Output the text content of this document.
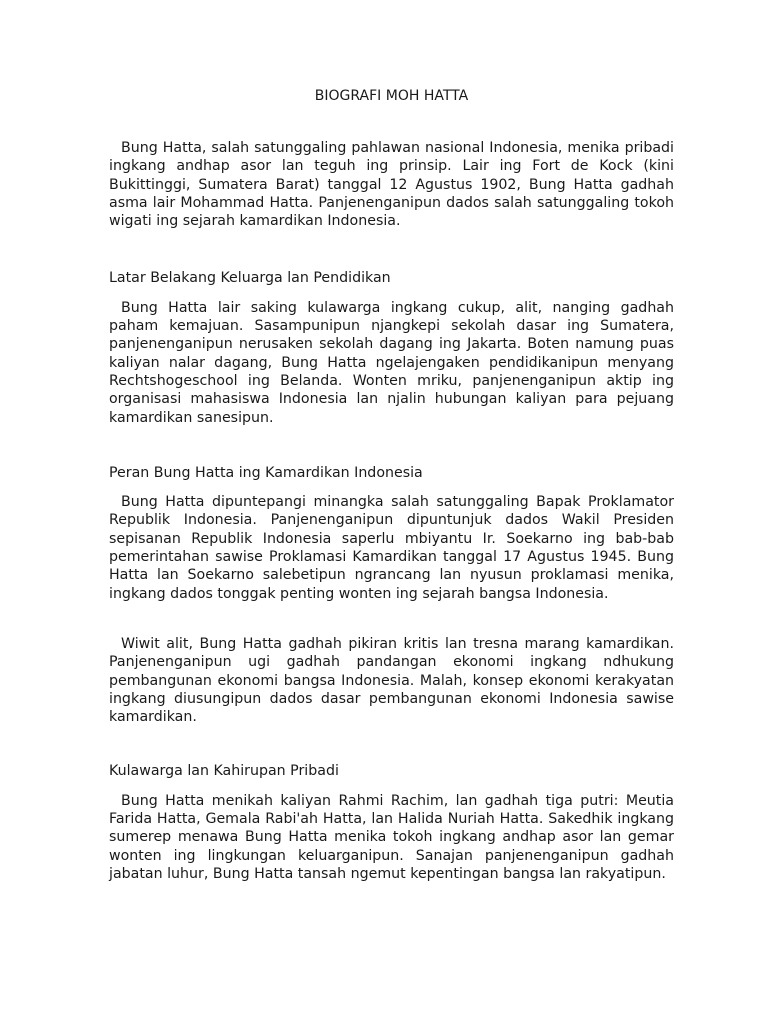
BIOGRAFI MOH HATTA

Bung Hatta, salah satunggaling pahlawan nasional Indonesia, menika pribadi ingkang andhap asor lan teguh ing prinsip. Lair ing Fort de Kock (kini Bukittinggi, Sumatera Barat) tanggal 12 Agustus 1902, Bung Hatta gadhah asma lair Mohammad Hatta. Panjenenganipun dados salah satunggaling tokoh wigati ing sejarah kamardikan Indonesia.

Latar Belakang Keluarga lan Pendidikan

Bung Hatta lair saking kulawarga ingkang cukup, alit, nanging gadhah paham kemajuan. Sasampunipun njangkepi sekolah dasar ing Sumatera, panjenenganipun nerusaken sekolah dagang ing Jakarta. Boten namung puas kaliyan nalar dagang, Bung Hatta ngelajengaken pendidikanipun menyang Rechtshogeschool ing Belanda. Wonten mriku, panjenenganipun aktip ing organisasi mahasiswa Indonesia lan njalin hubungan kaliyan para pejuang kamardikan sanesipun.

Peran Bung Hatta ing Kamardikan Indonesia

Bung Hatta dipuntepangi minangka salah satunggaling Bapak Proklamator Republik Indonesia. Panjenenganipun dipuntunjuk dados Wakil Presiden sepisanan Republik Indonesia saperlu mbiyantu Ir. Soekarno ing bab-bab pemerintahan sawise Proklamasi Kamardikan tanggal 17 Agustus 1945. Bung Hatta lan Soekarno salebetipun ngrancang lan nyusun proklamasi menika, ingkang dados tonggak penting wonten ing sejarah bangsa Indonesia.

Wiwit alit, Bung Hatta gadhah pikiran kritis lan tresna marang kamardikan. Panjenenganipun ugi gadhah pandangan ekonomi ingkang ndhukung pembangunan ekonomi bangsa Indonesia. Malah, konsep ekonomi kerakyatan ingkang diusungipun dados dasar pembangunan ekonomi Indonesia sawise kamardikan.

Kulawarga lan Kahirupan Pribadi

Bung Hatta menikah kaliyan Rahmi Rachim, lan gadhah tiga putri: Meutia Farida Hatta, Gemala Rabi'ah Hatta, lan Halida Nuriah Hatta. Sakedhik ingkang sumerep menawa Bung Hatta menika tokoh ingkang andhap asor lan gemar wonten ing lingkungan keluarganipun. Sanajan panjenenganipun gadhah jabatan luhur, Bung Hatta tansah ngemut kepentingan bangsa lan rakyatipun.
